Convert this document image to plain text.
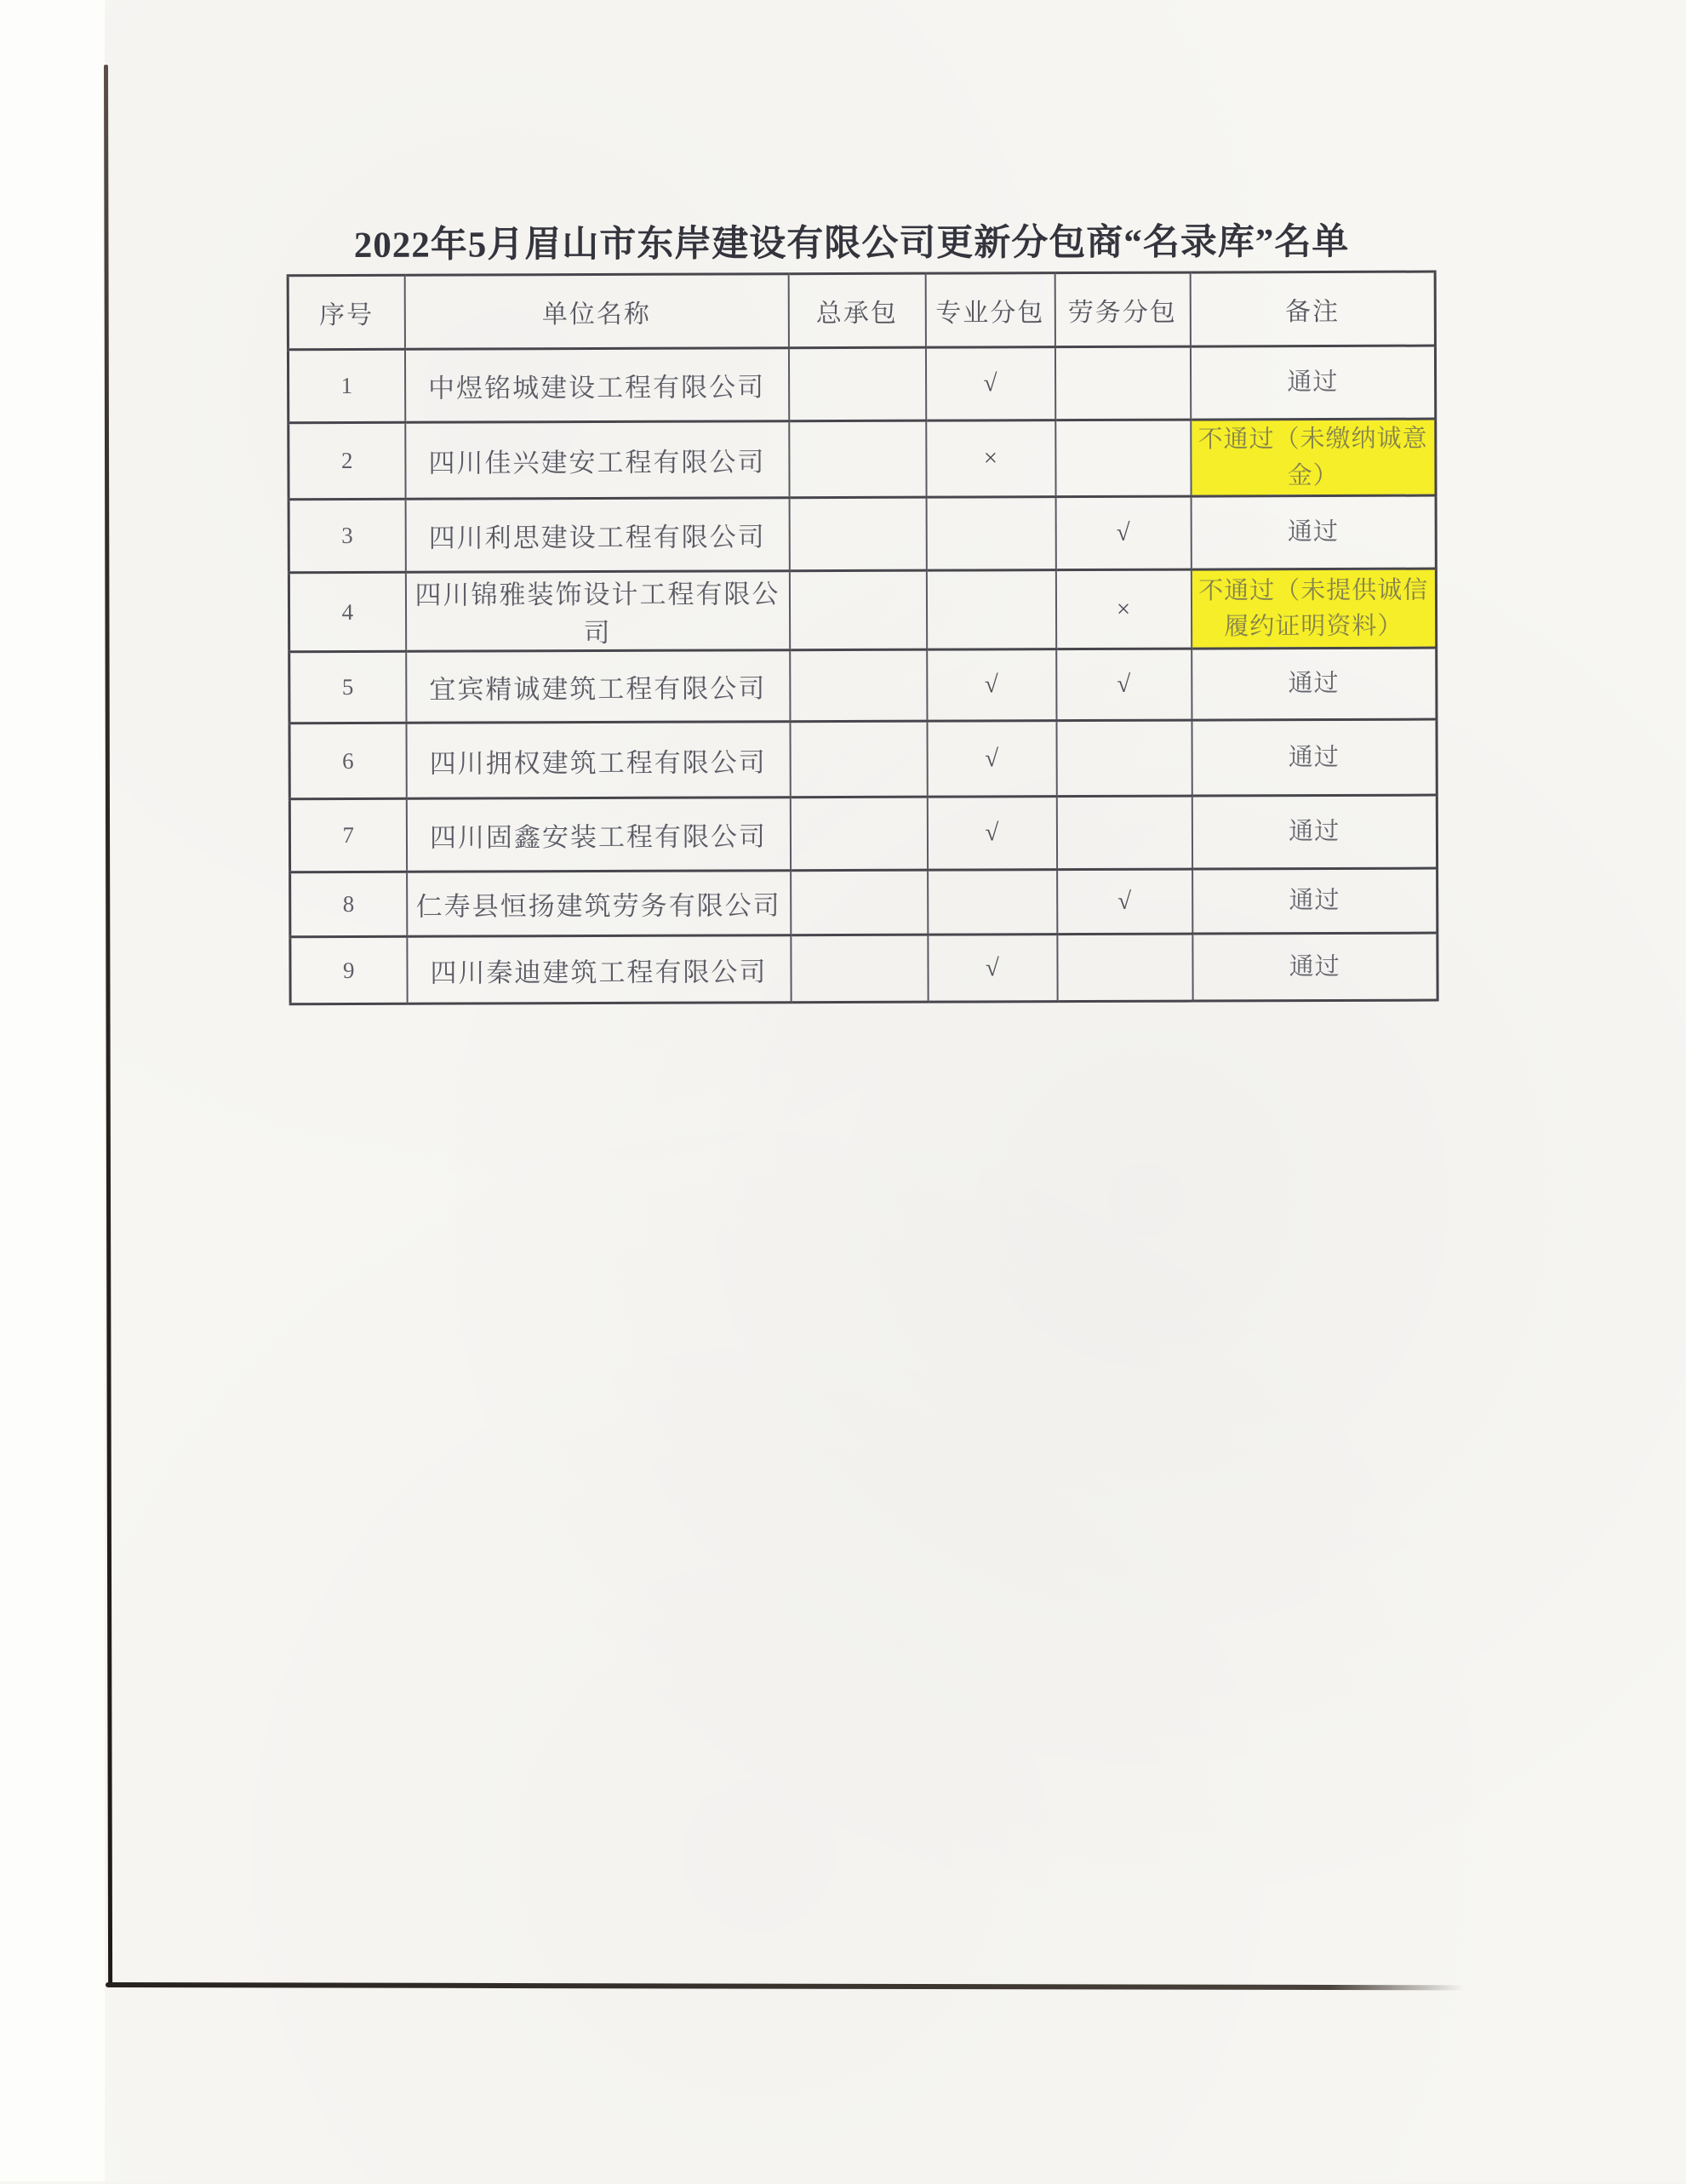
2022年5月眉山市东岸建设有限公司更新分包商“名录库”名单
序号	单位名称	总承包	专业分包	劳务分包	备注
1	中煜铭城建设工程有限公司		√		通过
2	四川佳兴建安工程有限公司		×		不通过（未缴纳诚意金）
3	四川利思建设工程有限公司			√	通过
4	四川锦雅装饰设计工程有限公司			×	不通过（未提供诚信履约证明资料）
5	宜宾精诚建筑工程有限公司		√	√	通过
6	四川拥权建筑工程有限公司		√		通过
7	四川固鑫安装工程有限公司		√		通过
8	仁寿县恒扬建筑劳务有限公司			√	通过
9	四川秦迪建筑工程有限公司		√		通过
